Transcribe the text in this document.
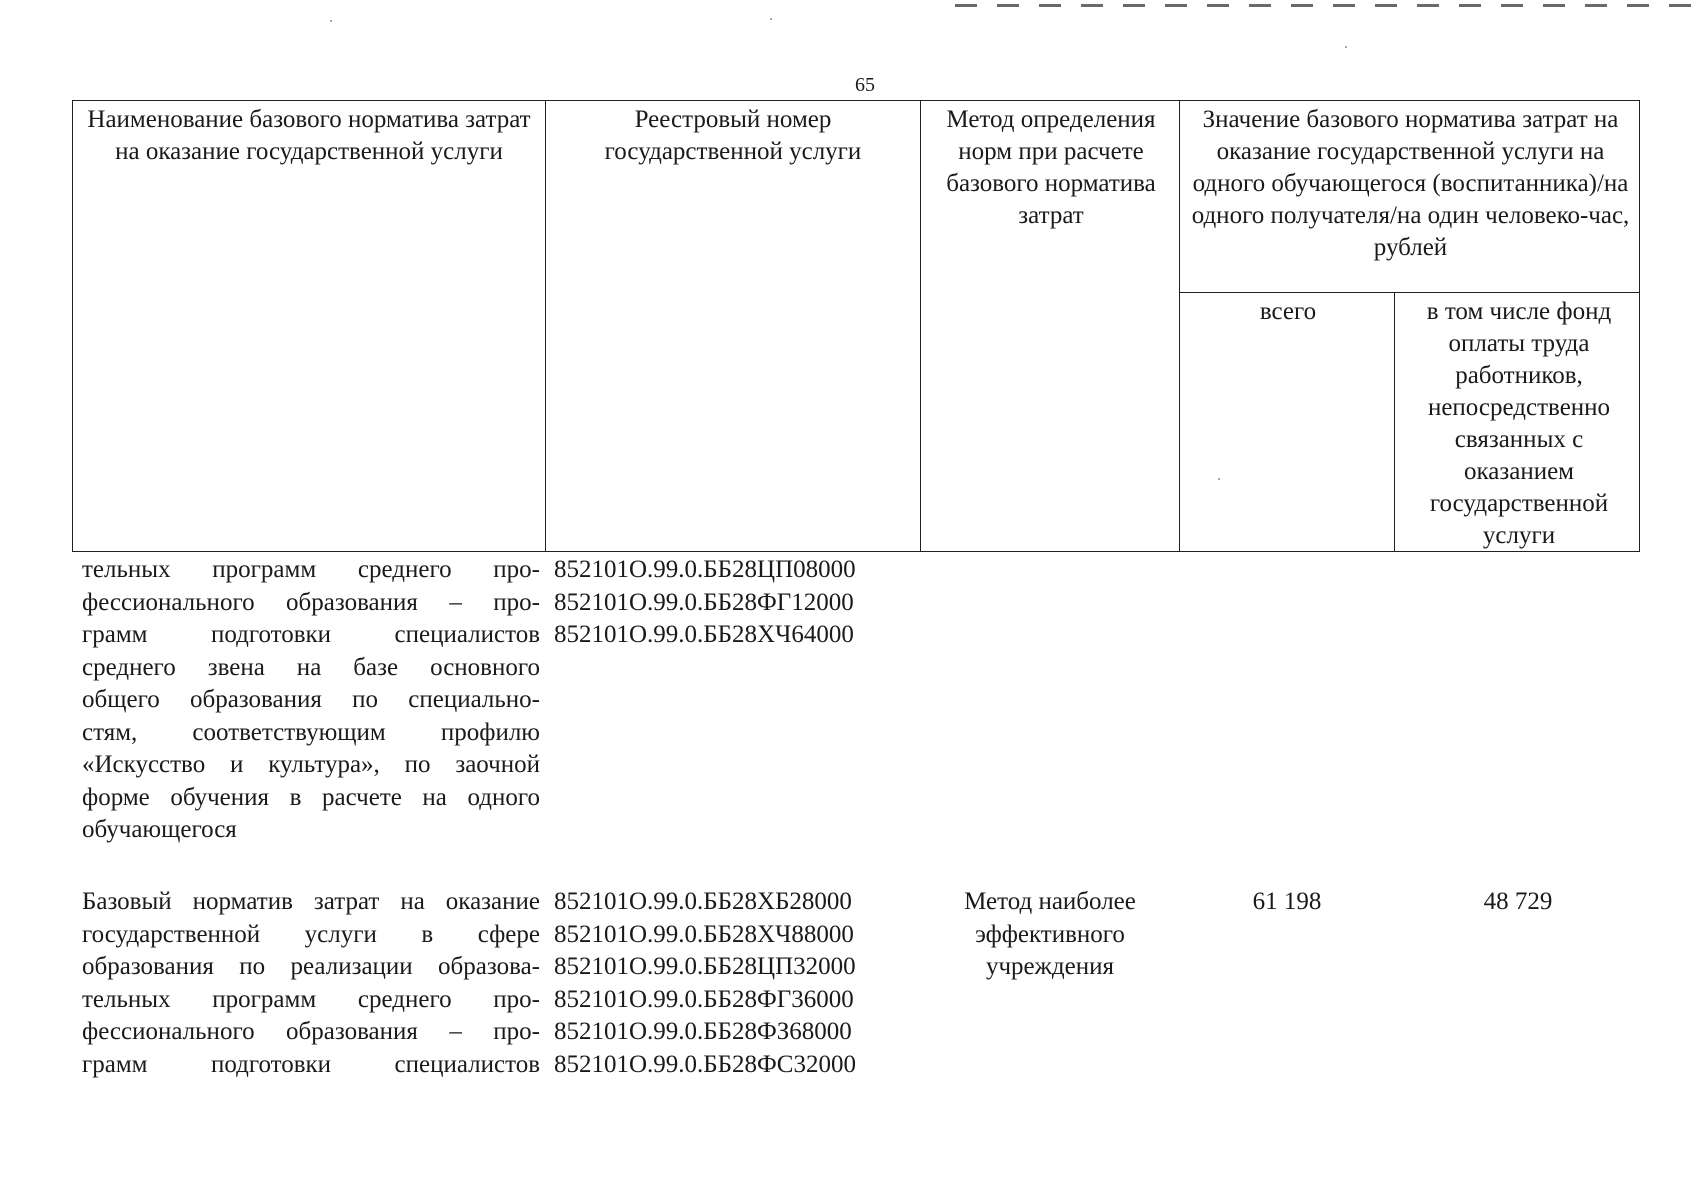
65
Наименование базового норматива затрат на оказание государственной услуги
Реестровый номер государственной услуги
Метод определения норм при расчете базового норматива затрат
Значение базового норматива затрат на оказание государственной услуги на одного обучающегося (воспитанника)/на одного получателя/на один человеко-час, рублей
всего	в том числе фонд оплаты труда работников, непосредственно связанных с оказанием государственной услуги
тельных программ среднего про-
фессионального образования – про-
грамм подготовки специалистов
среднего звена на базе основного
общего образования по специально-
стям, соответствующим профилю
«Искусство и культура», по заочной
форме обучения в расчете на одного
обучающегося
852101О.99.0.ББ28ЦП08000
852101О.99.0.ББ28ФГ12000
852101О.99.0.ББ28ХЧ64000
Базовый норматив затрат на оказание
государственной услуги в сфере
образования по реализации образова-
тельных программ среднего про-
фессионального образования – про-
грамм подготовки специалистов
852101О.99.0.ББ28ХБ28000
852101О.99.0.ББ28ХЧ88000
852101О.99.0.ББ28ЦП32000
852101О.99.0.ББ28ФГ36000
852101О.99.0.ББ28ФЗ68000
852101О.99.0.ББ28ФС32000
Метод наиболее эффективного учреждения
61 198	48 729
